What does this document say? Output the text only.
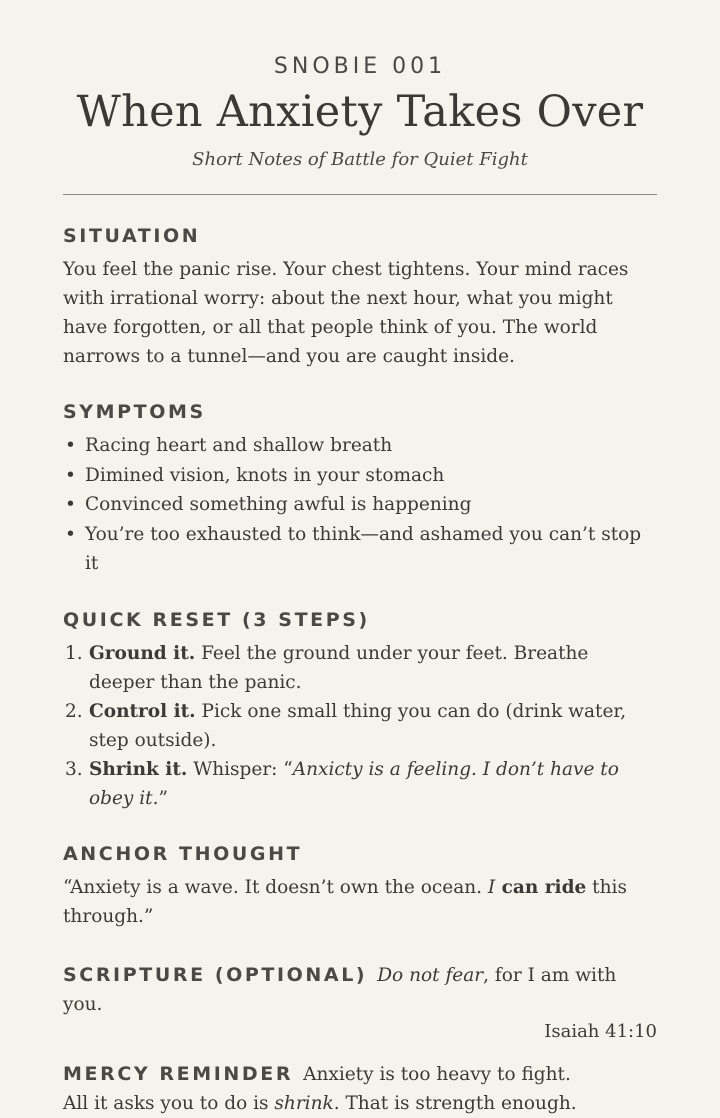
SNOBIE 001
When Anxiety Takes Over
Short Notes of Battle for Quiet Fight
SITUATION
You feel the panic rise. Your chest tightens. Your mind races with irrational worry: about the next hour, what you might have forgotten, or all that people think of you. The world narrows to a tunnel—and you are caught inside.
SYMPTOMS
• Racing heart and shallow breath
• Dimined vision, knots in your stomach
• Convinced something awful is happening
• You’re too exhausted to think—and ashamed you can’t stop it
QUICK RESET (3 STEPS)
1. Ground it. Feel the ground under your feet. Breathe deeper than the panic.
2. Control it. Pick one small thing you can do (drink water, step outside).
3. Shrink it. Whisper: “Anxicty is a feeling. I don’t have to obey it.”
ANCHOR THOUGHT
“Anxiety is a wave. It doesn’t own the ocean. I can ride this through.”
SCRIPTURE (OPTIONAL) Do not fear, for I am with you.
Isaiah 41:10
MERCY REMINDER Anxiety is too heavy to fight.
All it asks you to do is shrink. That is strength enough.
